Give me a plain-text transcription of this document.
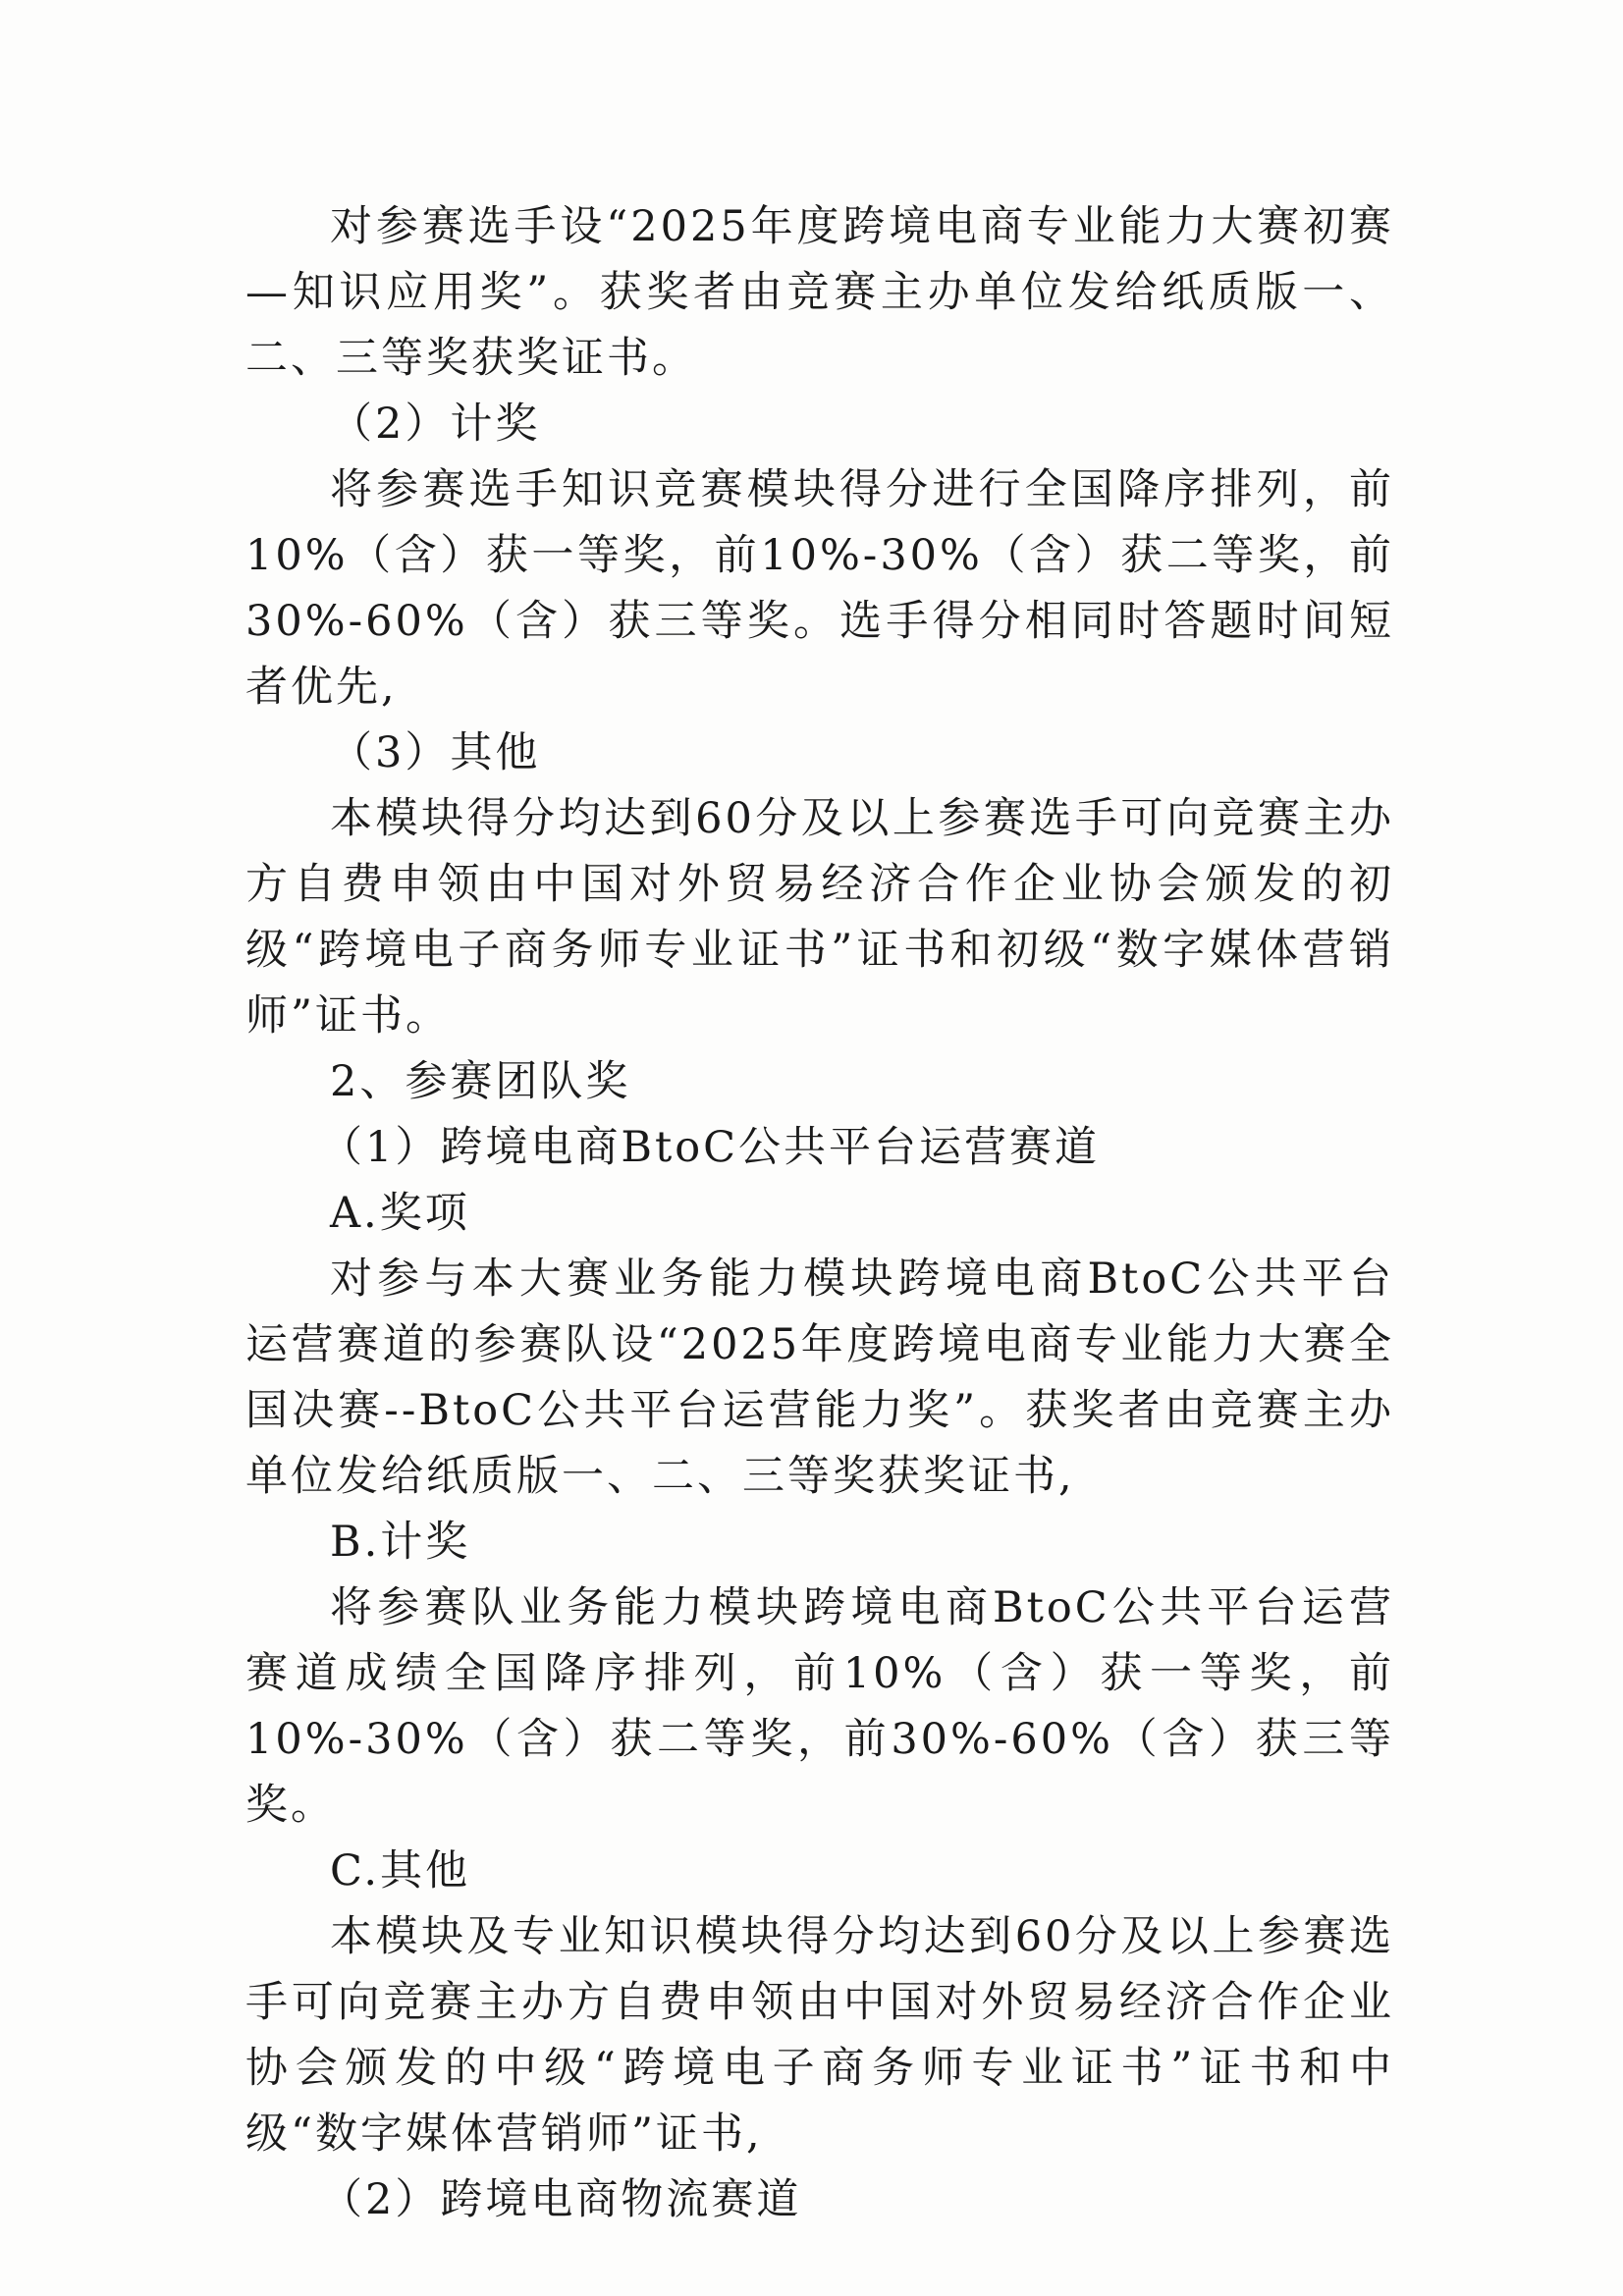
对参赛选手设“2025年度跨境电商专业能力大赛初赛—知识应用奖”。获奖者由竞赛主办单位发给纸质版一、二、三等奖获奖证书。

（2）计奖

将参赛选手知识竞赛模块得分进行全国降序排列，前10%（含）获一等奖，前10%-30%（含）获二等奖，前30%-60%（含）获三等奖。选手得分相同时答题时间短者优先,

（3）其他

本模块得分均达到60分及以上参赛选手可向竞赛主办方自费申领由中国对外贸易经济合作企业协会颁发的初级“跨境电子商务师专业证书”证书和初级“数字媒体营销师”证书。

2、参赛团队奖

（1）跨境电商BtoC公共平台运营赛道

A.奖项

对参与本大赛业务能力模块跨境电商BtoC公共平台运营赛道的参赛队设“2025年度跨境电商专业能力大赛全国决赛--BtoC公共平台运营能力奖”。获奖者由竞赛主办单位发给纸质版一、二、三等奖获奖证书,

B.计奖

将参赛队业务能力模块跨境电商BtoC公共平台运营赛道成绩全国降序排列，前10%（含）获一等奖，前10%-30%（含）获二等奖，前30%-60%（含）获三等奖。

C.其他

本模块及专业知识模块得分均达到60分及以上参赛选手可向竞赛主办方自费申领由中国对外贸易经济合作企业协会颁发的中级“跨境电子商务师专业证书”证书和中级“数字媒体营销师”证书,

（2）跨境电商物流赛道
